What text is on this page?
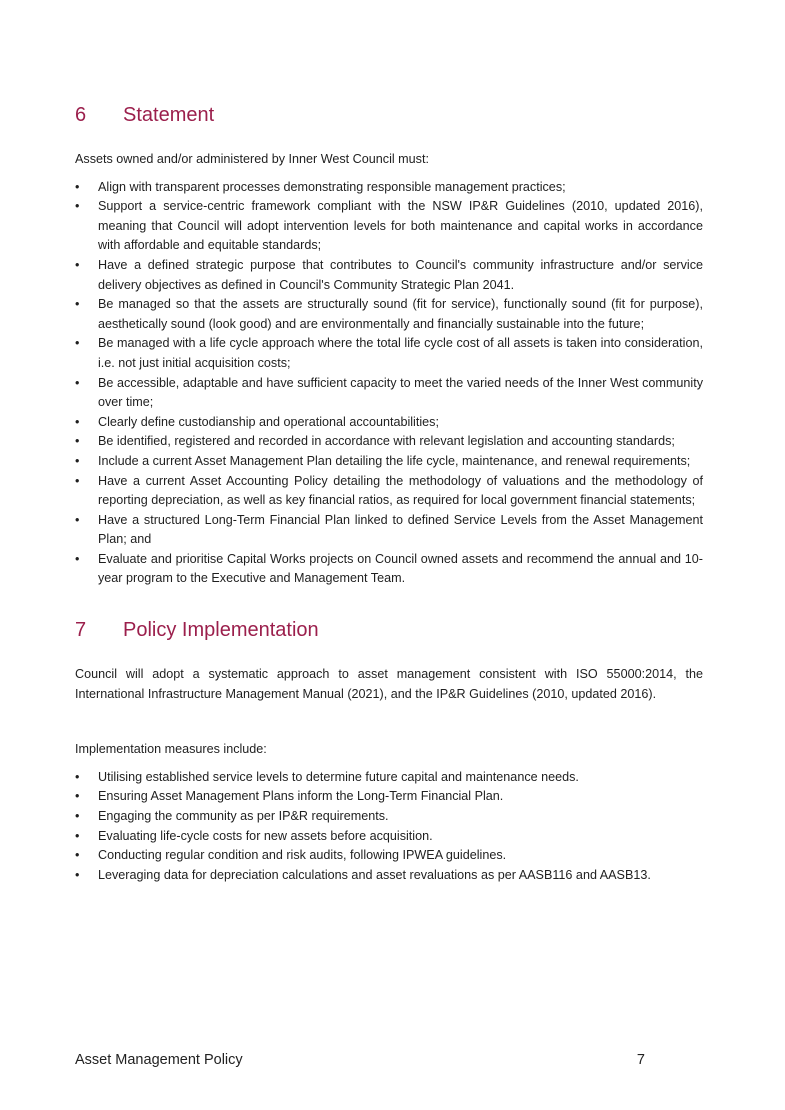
6	Statement

Assets owned and/or administered by Inner West Council must:

• Align with transparent processes demonstrating responsible management practices;
• Support a service-centric framework compliant with the NSW IP&R Guidelines (2010, updated 2016), meaning that Council will adopt intervention levels for both maintenance and capital works in accordance with affordable and equitable standards;
• Have a defined strategic purpose that contributes to Council's community infrastructure and/or service delivery objectives as defined in Council's Community Strategic Plan 2041.
• Be managed so that the assets are structurally sound (fit for service), functionally sound (fit for purpose), aesthetically sound (look good) and are environmentally and financially sustainable into the future;
• Be managed with a life cycle approach where the total life cycle cost of all assets is taken into consideration, i.e. not just initial acquisition costs;
• Be accessible, adaptable and have sufficient capacity to meet the varied needs of the Inner West community over time;
• Clearly define custodianship and operational accountabilities;
• Be identified, registered and recorded in accordance with relevant legislation and accounting standards;
• Include a current Asset Management Plan detailing the life cycle, maintenance, and renewal requirements;
• Have a current Asset Accounting Policy detailing the methodology of valuations and the methodology of reporting depreciation, as well as key financial ratios, as required for local government financial statements;
• Have a structured Long-Term Financial Plan linked to defined Service Levels from the Asset Management Plan; and
• Evaluate and prioritise Capital Works projects on Council owned assets and recommend the annual and 10-year program to the Executive and Management Team.
7	Policy Implementation

Council will adopt a systematic approach to asset management consistent with ISO 55000:2014, the International Infrastructure Management Manual (2021), and the IP&R Guidelines (2010, updated 2016).

Implementation measures include:

• Utilising established service levels to determine future capital and maintenance needs.
• Ensuring Asset Management Plans inform the Long-Term Financial Plan.
• Engaging the community as per IP&R requirements.
• Evaluating life-cycle costs for new assets before acquisition.
• Conducting regular condition and risk audits, following IPWEA guidelines.
• Leveraging data for depreciation calculations and asset revaluations as per AASB116 and AASB13.
Asset Management Policy	7
